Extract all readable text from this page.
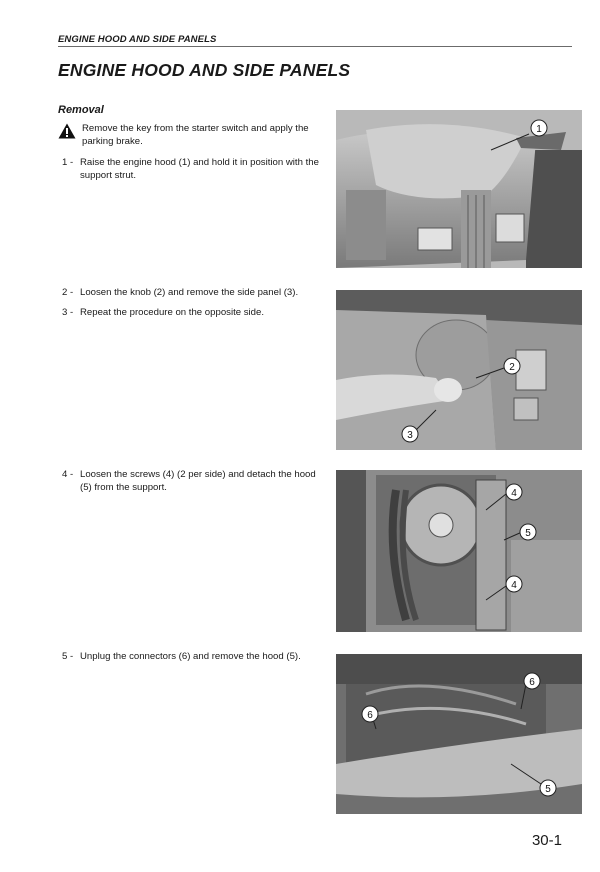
ENGINE HOOD AND SIDE PANELS
ENGINE HOOD AND SIDE PANELS
Removal
Remove the key from the starter switch and apply the parking brake.
1 - Raise the engine hood (1) and hold it in position with the support strut.
2 - Loosen the knob (2) and remove the side panel (3).
3 - Repeat the procedure on the opposite side.
4 - Loosen the screws (4) (2 per side) and detach the hood (5) from the support.
5 - Unplug the connectors (6) and remove the hood (5).
1
2
3
4
5
4
6
6
5
30-1
